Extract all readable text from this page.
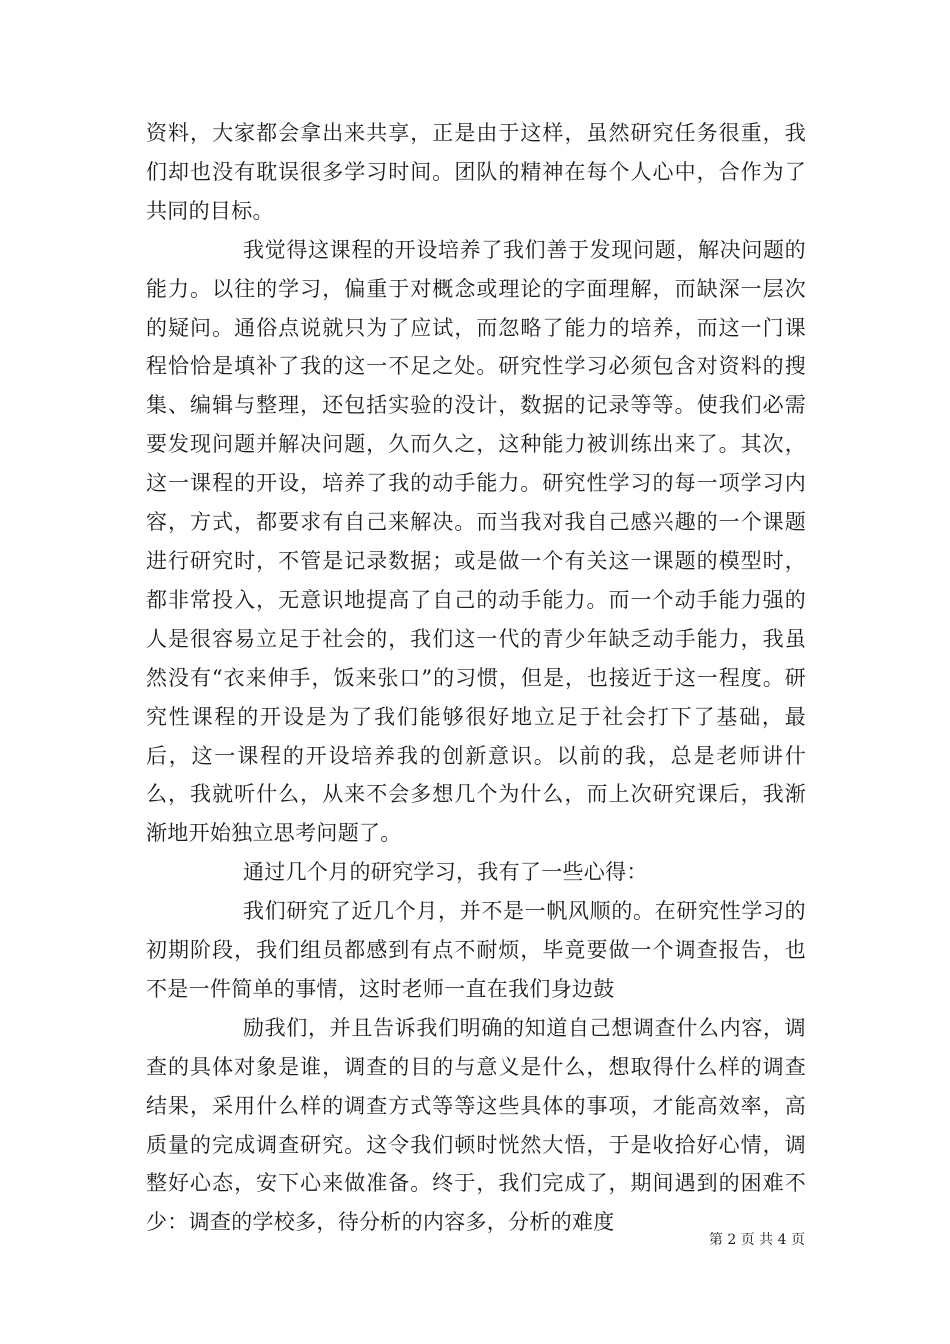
资料，大家都会拿出来共享，正是由于这样，虽然研究任务很重，我们却也没有耽误很多学习时间。团队的精神在每个人心中，合作为了共同的目标。

我觉得这课程的开设培养了我们善于发现问题，解决问题的能力。以往的学习，偏重于对概念或理论的字面理解，而缺深一层次的疑问。通俗点说就只为了应试，而忽略了能力的培养，而这一门课程恰恰是填补了我的这一不足之处。研究性学习必须包含对资料的搜集、编辑与整理，还包括实验的没计，数据的记录等等。使我们必需要发现问题并解决问题，久而久之，这种能力被训练出来了。其次，这一课程的开设，培养了我的动手能力。研究性学习的每一项学习内容，方式，都要求有自己来解决。而当我对我自己感兴趣的一个课题进行研究时，不管是记录数据；或是做一个有关这一课题的模型时，都非常投入，无意识地提高了自己的动手能力。而一个动手能力强的人是很容易立足于社会的，我们这一代的青少年缺乏动手能力，我虽然没有“衣来伸手，饭来张口”的习惯，但是，也接近于这一程度。研究性课程的开设是为了我们能够很好地立足于社会打下了基础，最后，这一课程的开设培养我的创新意识。以前的我，总是老师讲什么，我就听什么，从来不会多想几个为什么，而上次研究课后，我渐渐地开始独立思考问题了。

通过几个月的研究学习，我有了一些心得：

我们研究了近几个月，并不是一帆风顺的。在研究性学习的初期阶段，我们组员都感到有点不耐烦，毕竟要做一个调查报告，也不是一件简单的事情，这时老师一直在我们身边鼓

励我们，并且告诉我们明确的知道自己想调查什么内容，调查的具体对象是谁，调查的目的与意义是什么，想取得什么样的调查结果，采用什么样的调查方式等等这些具体的事项，才能高效率，高质量的完成调查研究。这令我们顿时恍然大悟，于是收拾好心情，调整好心态，安下心来做准备。终于，我们完成了，期间遇到的困难不少：调查的学校多，待分析的内容多，分析的难度

第 2 页 共 4 页
